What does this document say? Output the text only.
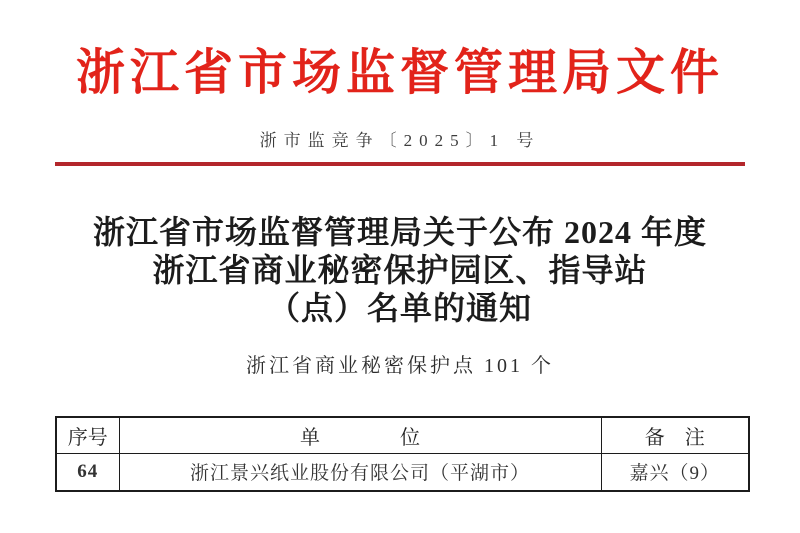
浙江省市场监督管理局文件
浙市监竞争〔2025〕1 号
浙江省市场监督管理局关于公布 2024 年度
浙江省商业秘密保护园区、指导站
（点）名单的通知
浙江省商业秘密保护点 101 个
序号	单　　　　位	备　注
64	浙江景兴纸业股份有限公司（平湖市）	嘉兴（9）
